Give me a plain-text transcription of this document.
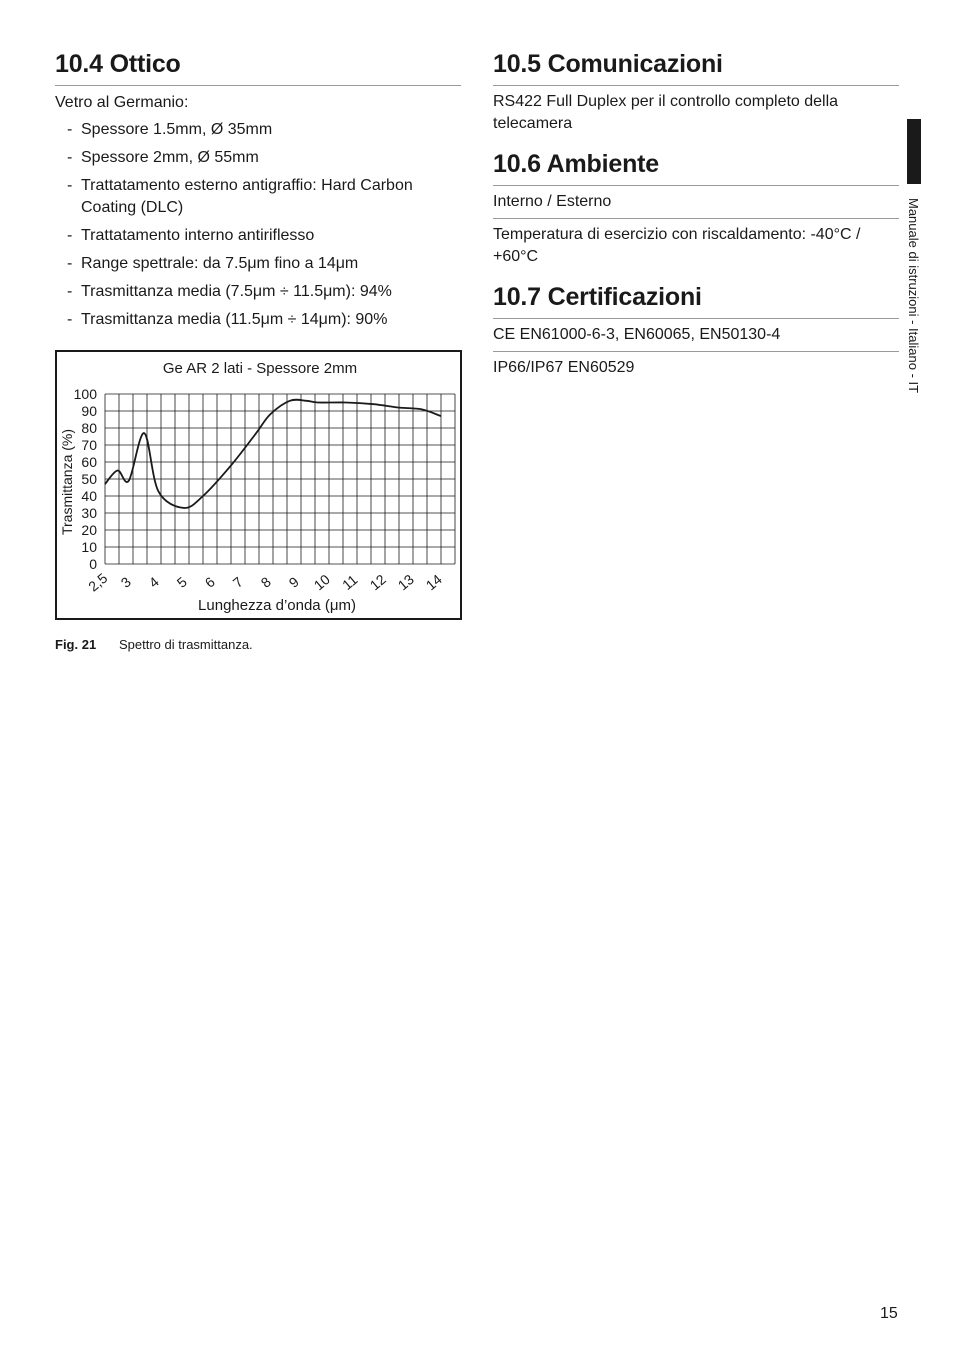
10.4 Ottico
Vetro al Germanio:
- Spessore 1.5mm, Ø 35mm
- Spessore 2mm, Ø 55mm
- Trattatamento esterno antigraffio: Hard Carbon Coating (DLC)
- Trattatamento interno antiriflesso
- Range spettrale: da 7.5μm fino a 14μm
- Trasmittanza media (7.5μm ÷ 11.5μm): 94%
- Trasmittanza media (11.5μm ÷ 14μm): 90%
Ge AR 2 lati - Spessore 2mm
Trasmittanza (%)
Lunghezza d’onda (μm)
0
10
20
30
40
50
60
70
80
90
100
2,5 3 4 5 6 7 8 9 10 11 12 13 14
Fig. 21 Spettro di trasmittanza.
10.5 Comunicazioni
RS422 Full Duplex per il controllo completo della telecamera
10.6 Ambiente
Interno / Esterno
Temperatura di esercizio con riscaldamento: -40°C / +60°C
10.7 Certificazioni
CE EN61000-6-3, EN60065, EN50130-4
IP66/IP67 EN60529	Manuale di istruzioni - Italiano - IT
15
